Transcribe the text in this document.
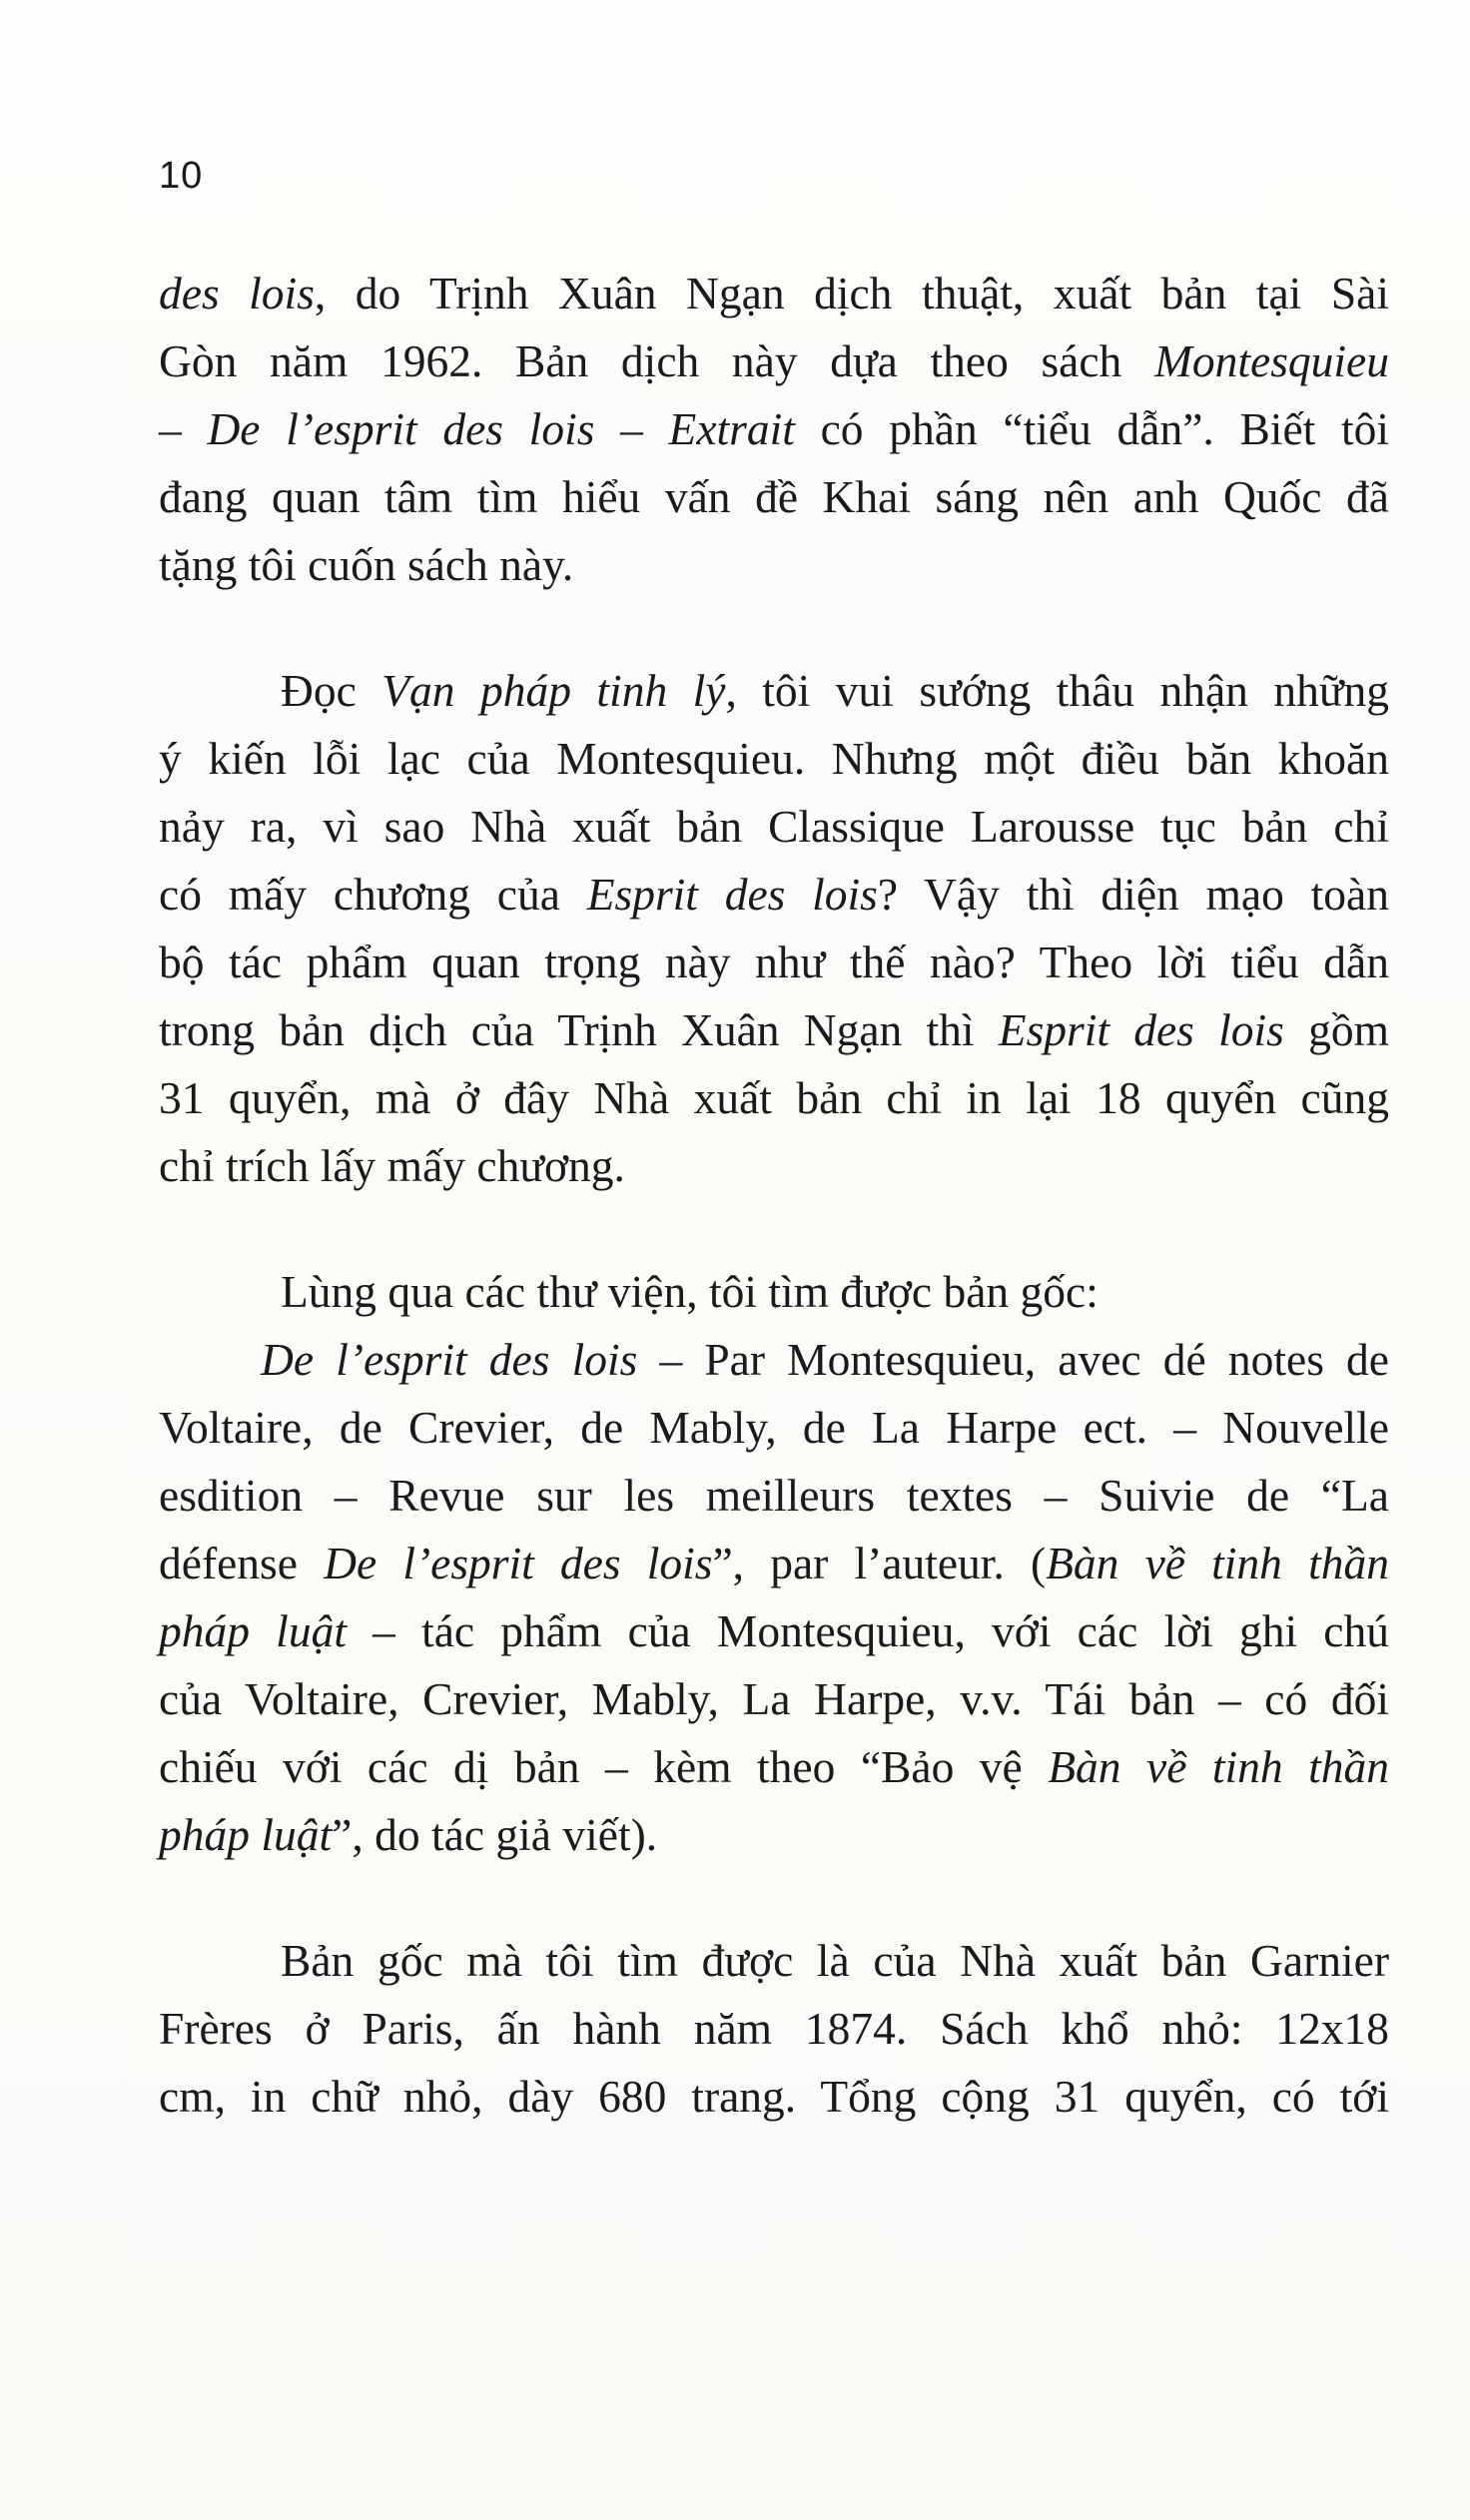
10
des lois, do Trịnh Xuân Ngạn dịch thuật, xuất bản tại Sài
Gòn năm 1962. Bản dịch này dựa theo sách Montesquieu
– De l’esprit des lois – Extrait có phần “tiểu dẫn”. Biết tôi
đang quan tâm tìm hiểu vấn đề Khai sáng nên anh Quốc đã
tặng tôi cuốn sách này.
Đọc Vạn pháp tinh lý, tôi vui sướng thâu nhận những
ý kiến lỗi lạc của Montesquieu. Nhưng một điều băn khoăn
nảy ra, vì sao Nhà xuất bản Classique Larousse tục bản chỉ
có mấy chương của Esprit des lois? Vậy thì diện mạo toàn
bộ tác phẩm quan trọng này như thế nào? Theo lời tiểu dẫn
trong bản dịch của Trịnh Xuân Ngạn thì Esprit des lois gồm
31 quyển, mà ở đây Nhà xuất bản chỉ in lại 18 quyển cũng
chỉ trích lấy mấy chương.
Lùng qua các thư viện, tôi tìm được bản gốc:
De l’esprit des lois – Par Montesquieu, avec dé notes de
Voltaire, de Crevier, de Mably, de La Harpe ect. – Nouvelle
esdition – Revue sur les meilleurs textes – Suivie de “La
défense De l’esprit des lois”, par l’auteur. (Bàn về tinh thần
pháp luật – tác phẩm của Montesquieu, với các lời ghi chú
của Voltaire, Crevier, Mably, La Harpe, v.v. Tái bản – có đối
chiếu với các dị bản – kèm theo “Bảo vệ Bàn về tinh thần
pháp luật”, do tác giả viết).
Bản gốc mà tôi tìm được là của Nhà xuất bản Garnier
Frères ở Paris, ấn hành năm 1874. Sách khổ nhỏ: 12x18
cm, in chữ nhỏ, dày 680 trang. Tổng cộng 31 quyển, có tới
